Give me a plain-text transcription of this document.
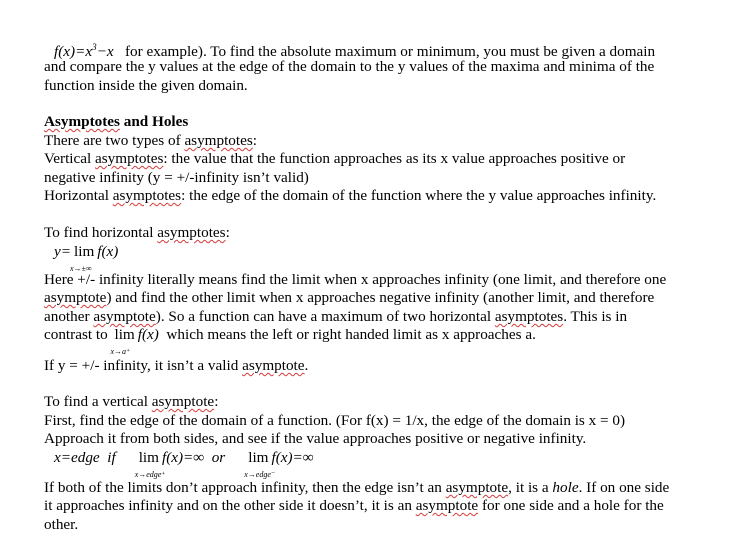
$f(x)=x^3-x$ for example). To find the absolute maximum or minimum, you must be given a domain
and compare the y values at the edge of the domain to the y values of the maxima and minima of the
function inside the given domain.
Asymptotes and Holes
There are two types of asymptotes:
Vertical asymptotes: the value that the function approaches as its x value approaches positive or
negative infinity (y = +/-infinity isn’t valid)
Horizontal asymptotes: the edge of the domain of the function where the y value approaches infinity.
To find horizontal asymptotes:
y= lim
x→±∞
f(x)
Here +/- infinity literally means find the limit when x approaches infinity (one limit, and therefore one
asymptote) and find the other limit when x approaches negative infinity (another limit, and therefore
another asymptote). So a function can have a maximum of two horizontal asymptotes. This is in
contrast to lim
x→a⁺
f(x) which means the left or right handed limit as x approaches a.
If y = +/- infinity, it isn’t a valid asymptote.
To find a vertical asymptote:
First, find the edge of the domain of a function. (For f(x) = 1/x, the edge of the domain is x = 0)
Approach it from both sides, and see if the value approaches positive or negative infinity.
x=edge  if lim
x→edge⁺
f(x)=∞  or lim
x→edge⁻
f(x)=∞
If both of the limits don’t approach infinity, then the edge isn’t an asymptote, it is a hole. If on one side
it approaches infinity and on the other side it doesn’t, it is an asymptote for one side and a hole for the
other.
